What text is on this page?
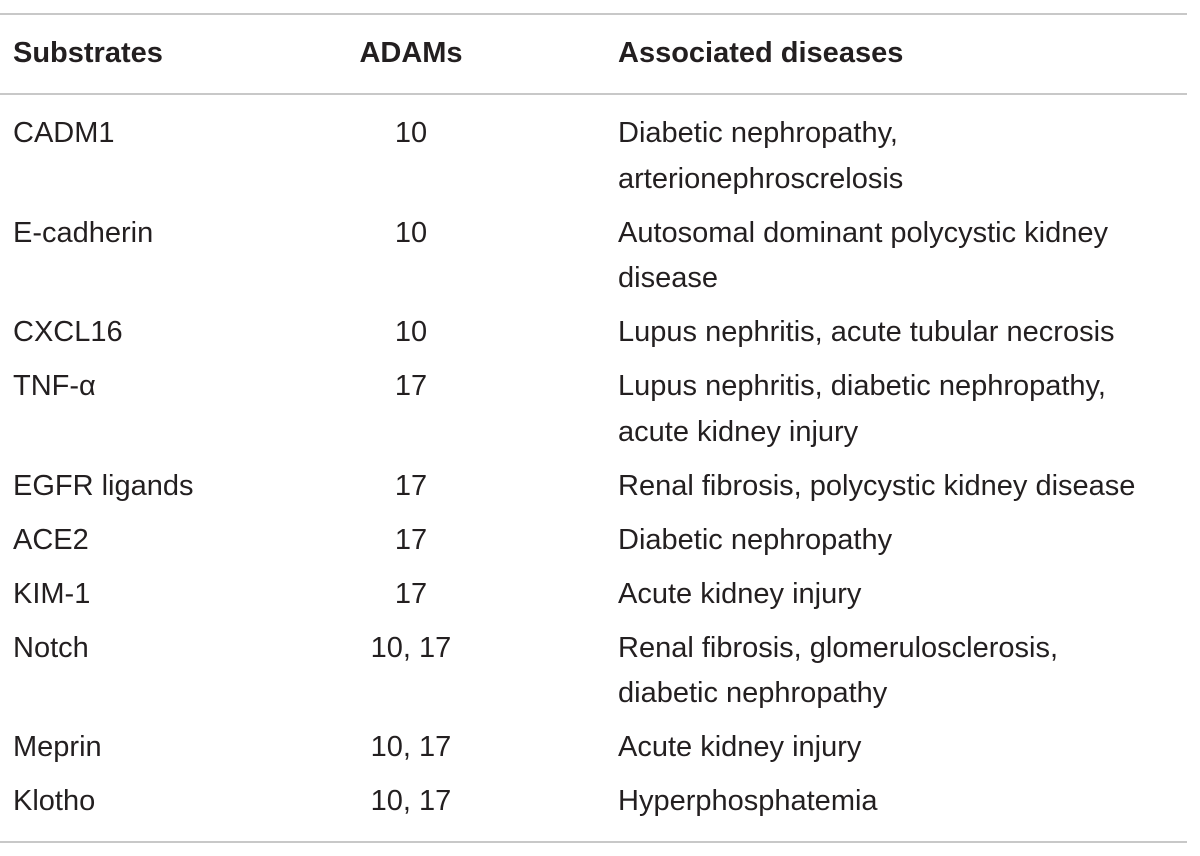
Substrates	ADAMs	Associated diseases
CADM1	10	Diabetic nephropathy,
arterionephroscrelosis
E-cadherin	10	Autosomal dominant polycystic kidney
disease
CXCL16	10	Lupus nephritis, acute tubular necrosis
TNF-α	17	Lupus nephritis, diabetic nephropathy,
acute kidney injury
EGFR ligands	17	Renal fibrosis, polycystic kidney disease
ACE2	17	Diabetic nephropathy
KIM-1	17	Acute kidney injury
Notch	10, 17	Renal fibrosis, glomerulosclerosis,
diabetic nephropathy
Meprin	10, 17	Acute kidney injury
Klotho	10, 17	Hyperphosphatemia
